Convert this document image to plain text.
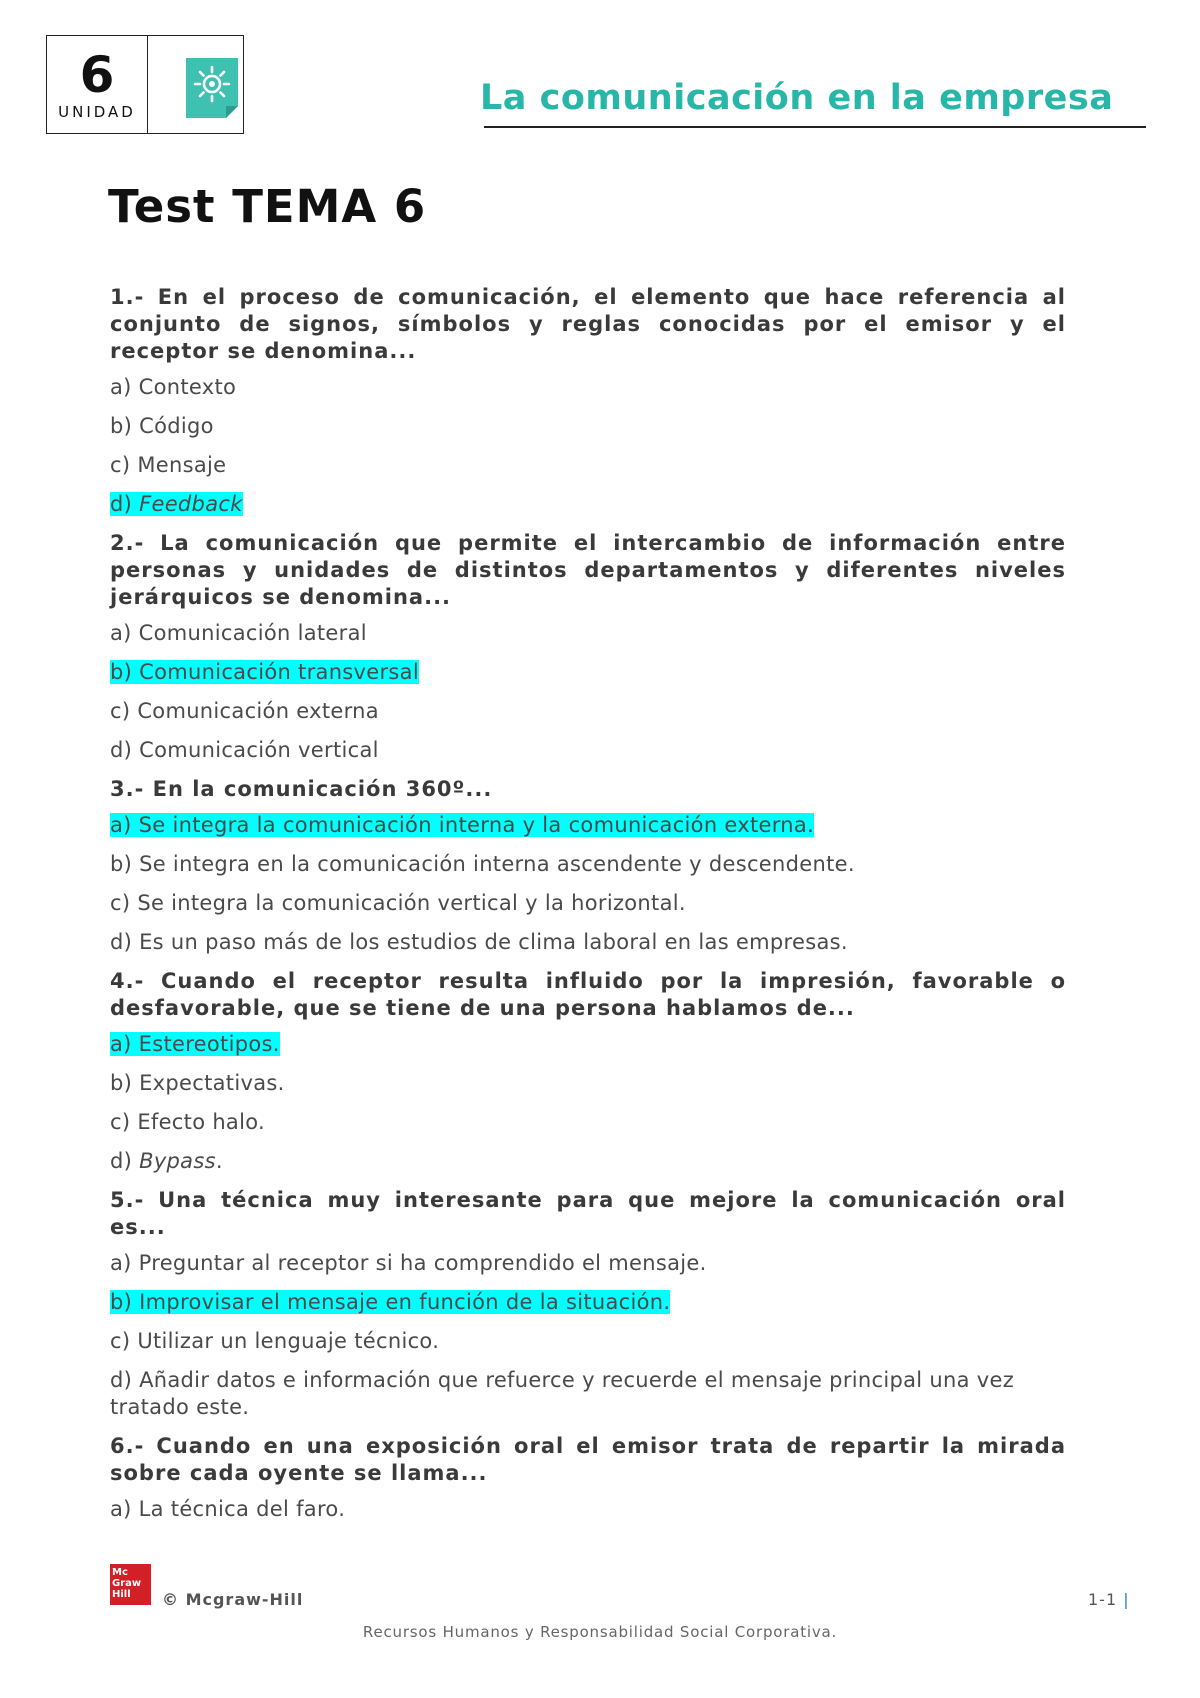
6
UNIDAD	La comunicación en la empresa
Test TEMA 6
1.- En el proceso de comunicación, el elemento que hace referencia al conjunto de signos, símbolos y reglas conocidas por el emisor y el receptor se denomina...
a) Contexto
b) Código
c) Mensaje
d) Feedback
2.- La comunicación que permite el intercambio de información entre personas y unidades de distintos departamentos y diferentes niveles jerárquicos se denomina...
a) Comunicación lateral
b) Comunicación transversal
c) Comunicación externa
d) Comunicación vertical
3.- En la comunicación 360º...
a) Se integra la comunicación interna y la comunicación externa.
b) Se integra en la comunicación interna ascendente y descendente.
c) Se integra la comunicación vertical y la horizontal.
d) Es un paso más de los estudios de clima laboral en las empresas.
4.- Cuando el receptor resulta influido por la impresión, favorable o desfavorable, que se tiene de una persona hablamos de...
a) Estereotipos.
b) Expectativas.
c) Efecto halo.
d) Bypass.
5.- Una técnica muy interesante para que mejore la comunicación oral es...
a) Preguntar al receptor si ha comprendido el mensaje.
b) Improvisar el mensaje en función de la situación.
c) Utilizar un lenguaje técnico.
d) Añadir datos e información que refuerce y recuerde el mensaje principal una vez tratado este.
6.- Cuando en una exposición oral el emisor trata de repartir la mirada sobre cada oyente se llama...
a) La técnica del faro.
Mc
Graw
Hill	© Mcgraw-Hill	1-1 |
Recursos Humanos y Responsabilidad Social Corporativa.
